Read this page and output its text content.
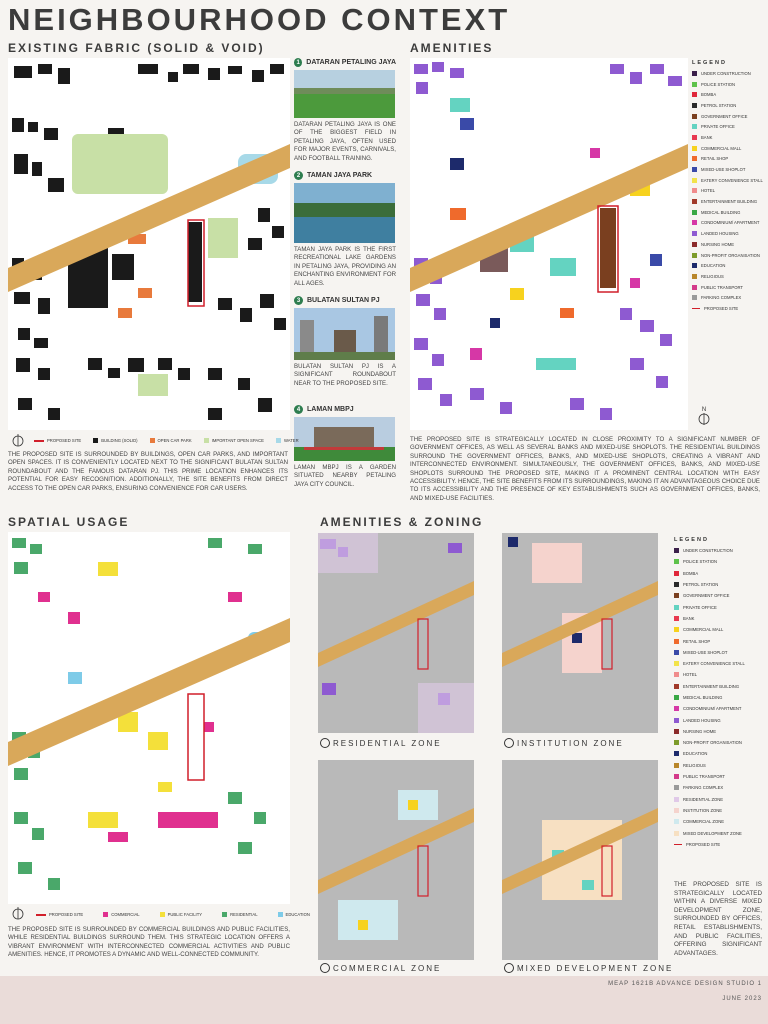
NEIGHBOURHOOD CONTEXT
EXISTING FABRIC (SOLID & VOID)	AMENITIES
SPATIAL USAGE	AMENITIES & ZONING
1 DATARAN PETALING JAYA
DATARAN PETALING JAYA IS ONE OF THE BIGGEST FIELD IN PETALING JAYA, OFTEN USED FOR MAJOR EVENTS, CARNIVALS, AND FOOTBALL TRAINING.
2 TAMAN JAYA PARK
TAMAN JAYA PARK IS THE FIRST RECREATIONAL LAKE GARDENS IN PETALING JAYA, PROVIDING AN ENCHANTING ENVIRONMENT FOR ALL AGES.
3 BULATAN SULTAN PJ
BULATAN SULTAN PJ IS A SIGNIFICANT ROUNDABOUT NEAR TO THE PROPOSED SITE.
4 LAMAN MBPJ
LAMAN MBPJ IS A GARDEN SITUATED NEARBY PETALING JAYA CITY COUNCIL.
PROPOSED SITE	BUILDING (SOLID)	OPEN CAR PARK	IMPORTANT OPEN SPACE	WATER
THE PROPOSED SITE IS SURROUNDED BY BUILDINGS, OPEN CAR PARKS, AND IMPORTANT OPEN SPACES. IT IS CONVENIENTLY LOCATED NEXT TO THE SIGNIFICANT BULATAN SULTAN ROUNDABOUT AND THE FAMOUS DATARAN PJ. THIS PRIME LOCATION ENHANCES ITS POTENTIAL FOR EASY RECOGNITION. ADDITIONALLY, THE SITE BENEFITS FROM DIRECT ACCESS TO THE OPEN CAR PARKS, ENSURING CONVENIENCE FOR CAR USERS.
LEGEND
UNDER CONSTRUCTION
POLICE STATION
BOMBA
PETROL STATION
GOVERNMENT OFFICE
PRIVATE OFFICE
BANK
COMMERCIAL MALL
RETAIL SHOP
MIXED-USE SHOPLOT
EATERY CONVENIENCE STALL
HOTEL
ENTERTAINMENT BUILDING
MEDICAL BUILDING
CONDOMINIUM/ APARTMENT
LANDED HOUSING
NURSING HOME
NON-PROFIT ORGANISATION
EDUCATION
RELIGIOUS
PUBLIC TRANSPORT
PARKING COMPLEX
PROPOSED SITE
N
THE PROPOSED SITE IS STRATEGICALLY LOCATED IN CLOSE PROXIMITY TO A SIGNIFICANT NUMBER OF GOVERNMENT OFFICES, AS WELL AS SEVERAL BANKS AND MIXED-USE SHOPLOTS. THE RESIDENTIAL BUILDINGS SURROUND THE GOVERNMENT OFFICES, BANKS, AND MIXED-USE SHOPLOTS, CREATING A VIBRANT AND INTERCONNECTED ENVIRONMENT. SIMULTANEOUSLY, THE GOVERNMENT OFFICES, BANKS, AND MIXED-USE SHOPLOTS SURROUND THE PROPOSED SITE, MAKING IT A PROMINENT CENTRAL LOCATION WITH EASY ACCESSIBILITY. HENCE, THE SITE BENEFITS FROM ITS SURROUNDINGS, MAKING IT AN ADVANTAGEOUS CHOICE DUE TO ITS ACCESSIBILITY AND THE PRESENCE OF KEY ESTABLISHMENTS SUCH AS GOVERNMENT OFFICES, BANKS, AND MIXED-USE FACILITIES.
PROPOSED SITE	COMMERCIAL	PUBLIC FACILITY	RESIDENTIAL	EDUCATION
THE PROPOSED SITE IS SURROUNDED BY COMMERCIAL BUILDINGS AND PUBLIC FACILITIES, WHILE RESIDENTIAL BUILDINGS SURROUND THEM. THIS STRATEGIC LOCATION OFFERS A VIBRANT ENVIRONMENT WITH INTERCONNECTED COMMERCIAL ACTIVITIES AND PUBLIC AMENITIES. HENCE, IT PROMOTES A DYNAMIC AND WELL-CONNECTED COMMUNITY.
RESIDENTIAL ZONE	INSTITUTION ZONE
COMMERCIAL ZONE	MIXED DEVELOPMENT ZONE
LEGEND
UNDER CONSTRUCTION
POLICE STATION
BOMBA
PETROL STATION
GOVERNMENT OFFICE
PRIVATE OFFICE
BANK
COMMERCIAL MALL
RETAIL SHOP
MIXED-USE SHOPLOT
EATERY CONVENIENCE STALL
HOTEL
ENTERTAINMENT BUILDING
MEDICAL BUILDING
CONDOMINIUM/ APARTMENT
LANDED HOUSING
NURSING HOME
NON-PROFIT ORGANISATION
EDUCATION
RELIGIOUS
PUBLIC TRANSPORT
PARKING COMPLEX
RESIDENTIAL ZONE
INSTITUTION ZONE
COMMERCIAL ZONE
MIXED DEVELOPMENT ZONE
PROPOSED SITE
THE PROPOSED SITE IS STRATEGICALLY LOCATED WITHIN A DIVERSE MIXED DEVELOPMENT ZONE, SURROUNDED BY OFFICES, RETAIL ESTABLISHMENTS, AND PUBLIC FACILITIES, OFFERING SIGNIFICANT ADVANTAGES.
MEAP 1621B ADVANCE DESIGN STUDIO 1
JUNE 2023
